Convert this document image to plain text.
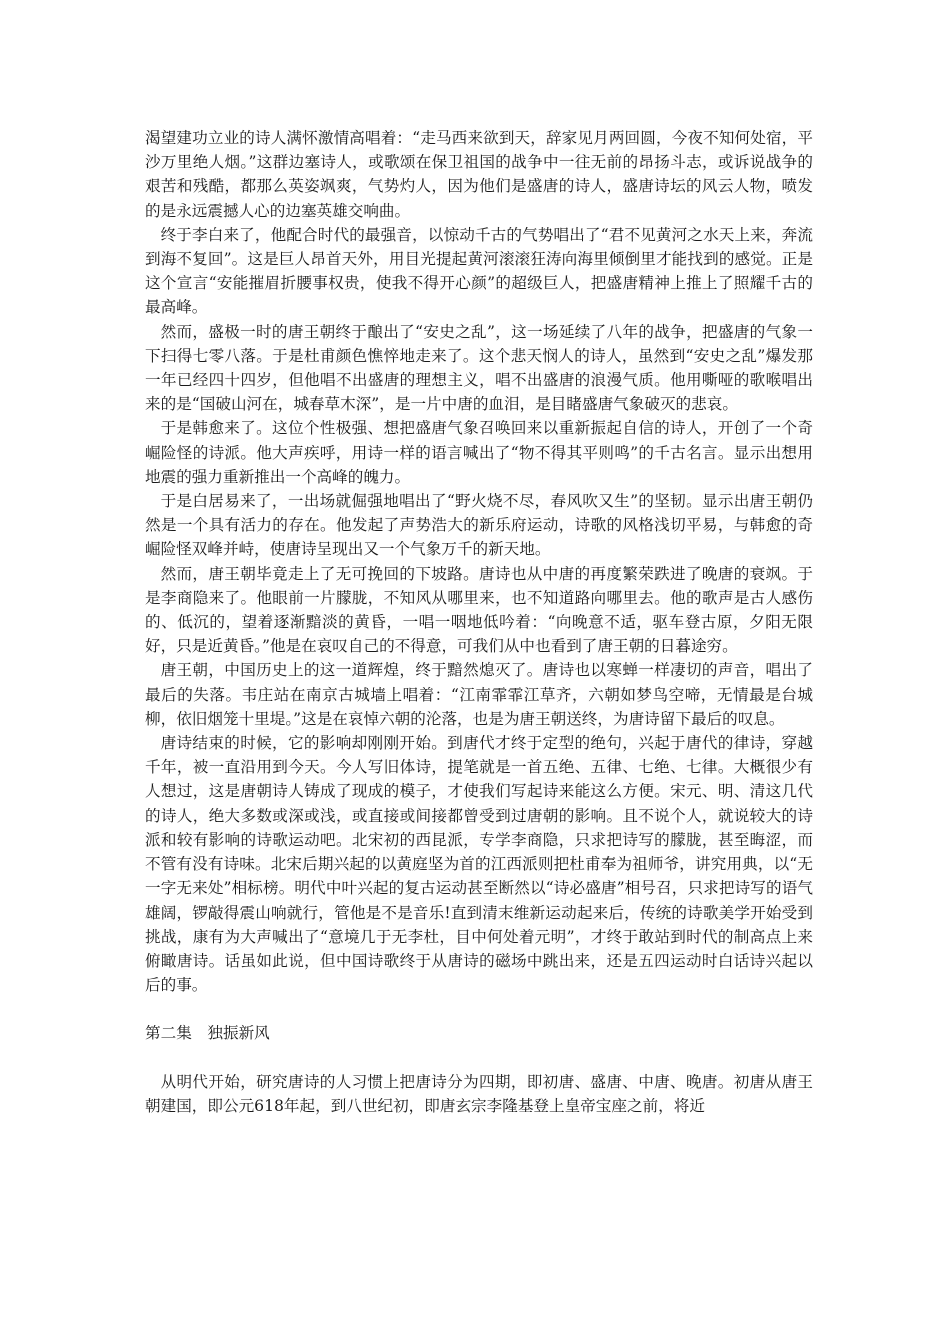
渴望建功立业的诗人满怀激情高唱着：“走马西来欲到天，辞家见月两回圆，今夜不知何处宿，平沙万里绝人烟。”这群边塞诗人，或歌颂在保卫祖国的战争中一往无前的昂扬斗志，或诉说战争的艰苦和残酷，都那么英姿飒爽，气势灼人，因为他们是盛唐的诗人，盛唐诗坛的风云人物，喷发的是永远震撼人心的边塞英雄交响曲。

终于李白来了，他配合时代的最强音，以惊动千古的气势唱出了“君不见黄河之水天上来，奔流到海不复回”。这是巨人昂首天外，用目光提起黄河滚滚狂涛向海里倾倒里才能找到的感觉。正是这个宣言“安能摧眉折腰事权贵，使我不得开心颜”的超级巨人，把盛唐精神上推上了照耀千古的最高峰。

然而，盛极一时的唐王朝终于酿出了“安史之乱”，这一场延续了八年的战争，把盛唐的气象一下扫得七零八落。于是杜甫颜色憔悴地走来了。这个悲天悯人的诗人，虽然到“安史之乱”爆发那一年已经四十四岁，但他唱不出盛唐的理想主义，唱不出盛唐的浪漫气质。他用嘶哑的歌喉唱出来的是“国破山河在，城春草木深”，是一片中唐的血泪，是目睹盛唐气象破灭的悲哀。

于是韩愈来了。这位个性极强、想把盛唐气象召唤回来以重新振起自信的诗人，开创了一个奇崛险怪的诗派。他大声疾呼，用诗一样的语言喊出了“物不得其平则鸣”的千古名言。显示出想用地震的强力重新推出一个高峰的魄力。

于是白居易来了，一出场就倔强地唱出了“野火烧不尽，春风吹又生”的坚韧。显示出唐王朝仍然是一个具有活力的存在。他发起了声势浩大的新乐府运动，诗歌的风格浅切平易，与韩愈的奇崛险怪双峰并峙，使唐诗呈现出又一个气象万千的新天地。

然而，唐王朝毕竟走上了无可挽回的下坡路。唐诗也从中唐的再度繁荣跌进了晚唐的衰飒。于是李商隐来了。他眼前一片朦胧，不知风从哪里来，也不知道路向哪里去。他的歌声是古人感伤的、低沉的，望着逐渐黯淡的黄昏，一唱一咽地低吟着：“向晚意不适，驱车登古原，夕阳无限好，只是近黄昏。”他是在哀叹自己的不得意，可我们从中也看到了唐王朝的日暮途穷。

唐王朝，中国历史上的这一道辉煌，终于黯然熄灭了。唐诗也以寒蝉一样凄切的声音，唱出了最后的失落。韦庄站在南京古城墙上唱着：“江南霏霏江草齐，六朝如梦鸟空啼，无情最是台城柳，依旧烟笼十里堤。”这是在哀悼六朝的沦落，也是为唐王朝送终，为唐诗留下最后的叹息。

唐诗结束的时候，它的影响却刚刚开始。到唐代才终于定型的绝句，兴起于唐代的律诗，穿越千年，被一直沿用到今天。今人写旧体诗，提笔就是一首五绝、五律、七绝、七律。大概很少有人想过，这是唐朝诗人铸成了现成的模子，才使我们写起诗来能这么方便。宋元、明、清这几代的诗人，绝大多数或深或浅，或直接或间接都曾受到过唐朝的影响。且不说个人，就说较大的诗派和较有影响的诗歌运动吧。北宋初的西昆派，专学李商隐，只求把诗写的朦胧，甚至晦涩，而不管有没有诗味。北宋后期兴起的以黄庭坚为首的江西派则把杜甫奉为祖师爷，讲究用典，以“无一字无来处”相标榜。明代中叶兴起的复古运动甚至断然以“诗必盛唐”相号召，只求把诗写的语气雄阔，锣敲得震山响就行，管他是不是音乐!直到清末维新运动起来后，传统的诗歌美学开始受到挑战，康有为大声喊出了“意境几于无李杜，目中何处着元明”，才终于敢站到时代的制高点上来俯瞰唐诗。话虽如此说，但中国诗歌终于从唐诗的磁场中跳出来，还是五四运动时白话诗兴起以后的事。

第二集　独振新风

从明代开始，研究唐诗的人习惯上把唐诗分为四期，即初唐、盛唐、中唐、晚唐。初唐从唐王朝建国，即公元618年起，到八世纪初，即唐玄宗李隆基登上皇帝宝座之前，将近
